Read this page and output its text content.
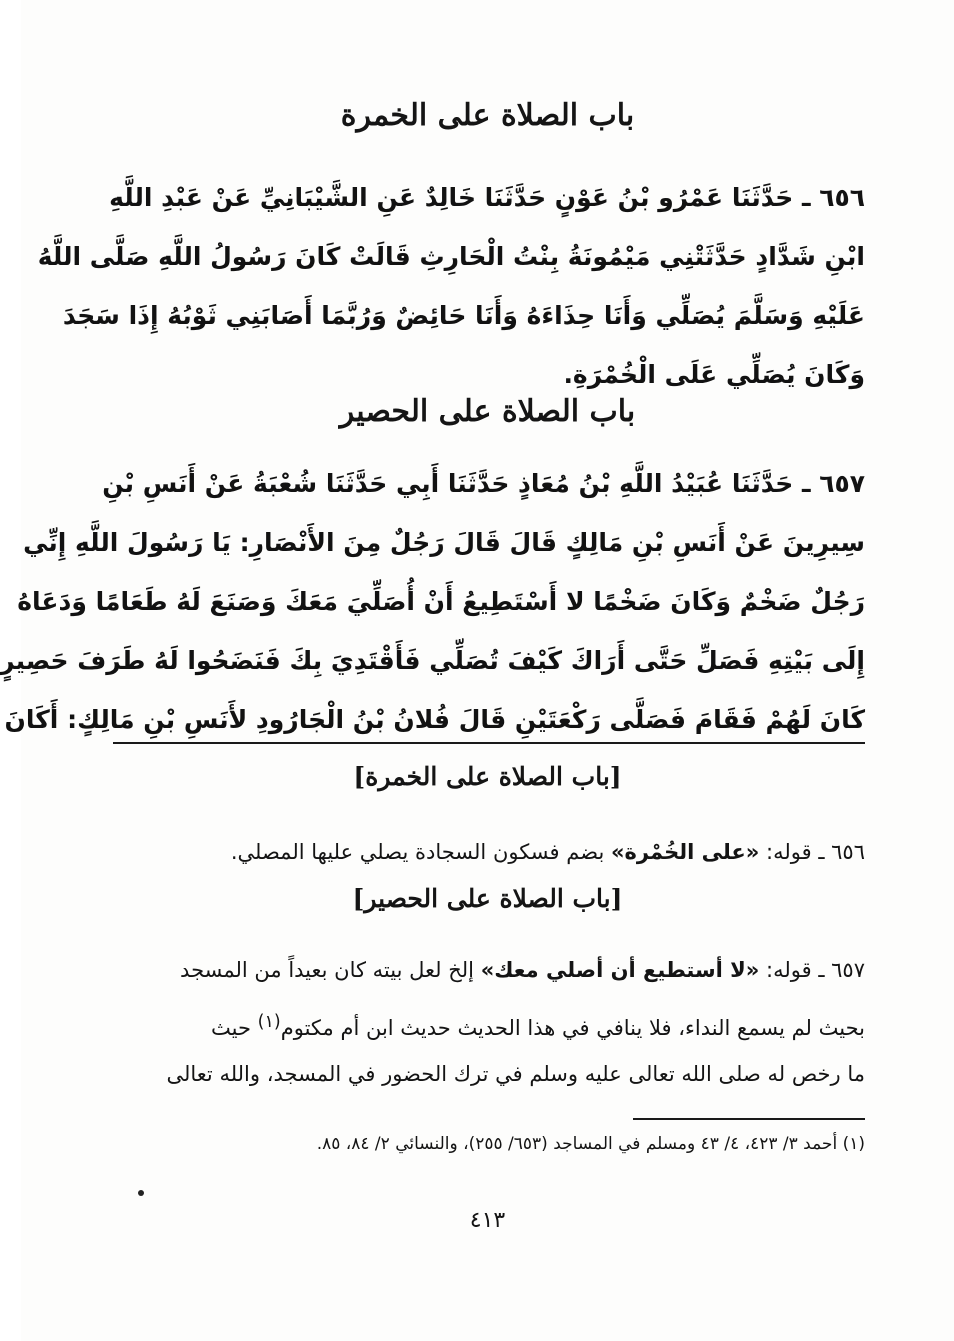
باب الصلاة على الخمرة
٦٥٦ ـ حَدَّثَنَا عَمْرُو بْنُ عَوْنٍ حَدَّثَنَا خَالِدٌ عَنِ الشَّيْبَانِيِّ عَنْ عَبْدِ اللَّهِ
ابْنِ شَدَّادٍ حَدَّثَتْنِي مَيْمُونَةُ بِنْتُ الْحَارِثِ قَالَتْ كَانَ رَسُولُ اللَّهِ صَلَّى اللَّهُ
عَلَيْهِ وَسَلَّمَ يُصَلِّي وَأَنَا حِذَاءَهُ وَأَنَا حَائِضٌ وَرُبَّمَا أَصَابَنِي ثَوْبُهُ إِذَا سَجَدَ
وَكَانَ يُصَلِّي عَلَى الْخُمْرَةِ.
باب الصلاة على الحصير
٦٥٧ ـ حَدَّثَنَا عُبَيْدُ اللَّهِ بْنُ مُعَاذٍ حَدَّثَنَا أَبِي حَدَّثَنَا شُعْبَةُ عَنْ أَنَسِ بْنِ
سِيرِينَ عَنْ أَنَسِ بْنِ مَالِكٍ قَالَ قَالَ رَجُلٌ مِنَ الأَنْصَارِ: يَا رَسُولَ اللَّهِ إِنِّي
رَجُلٌ ضَخْمٌ وَكَانَ ضَخْمًا لا أَسْتَطِيعُ أَنْ أُصَلِّيَ مَعَكَ وَصَنَعَ لَهُ طَعَامًا وَدَعَاهُ
إِلَى بَيْتِهِ فَصَلِّ حَتَّى أَرَاكَ كَيْفَ تُصَلِّي فَأَقْتَدِيَ بِكَ فَنَضَحُوا لَهُ طَرَفَ حَصِيرٍ
كَانَ لَهُمْ فَقَامَ فَصَلَّى رَكْعَتَيْنِ قَالَ فُلانُ بْنُ الْجَارُودِ لأَنَسِ بْنِ مَالِكٍ: أَكَانَ
[باب الصلاة على الخمرة]
٦٥٦ ـ قوله: «على الخُمْرة» بضم فسكون السجادة يصلي عليها المصلي.
[باب الصلاة على الحصير]
٦٥٧ ـ قوله: «لا أستطيع أن أصلي معك» إلخ لعل بيته كان بعيداً من المسجد
بحيث لم يسمع النداء، فلا ينافي في هذا الحديث حديث ابن أم مكتوم$^{(١)}$ حيث
ما رخص له صلى الله تعالى عليه وسلم في ترك الحضور في المسجد، والله تعالى
(١) أحمد ٣/ ٤٢٣، ٤/ ٤٣ ومسلم في المساجد (٦٥٣/ ٢٥٥)، والنسائي ٢/ ٨٤، ٨٥.
٤١٣
